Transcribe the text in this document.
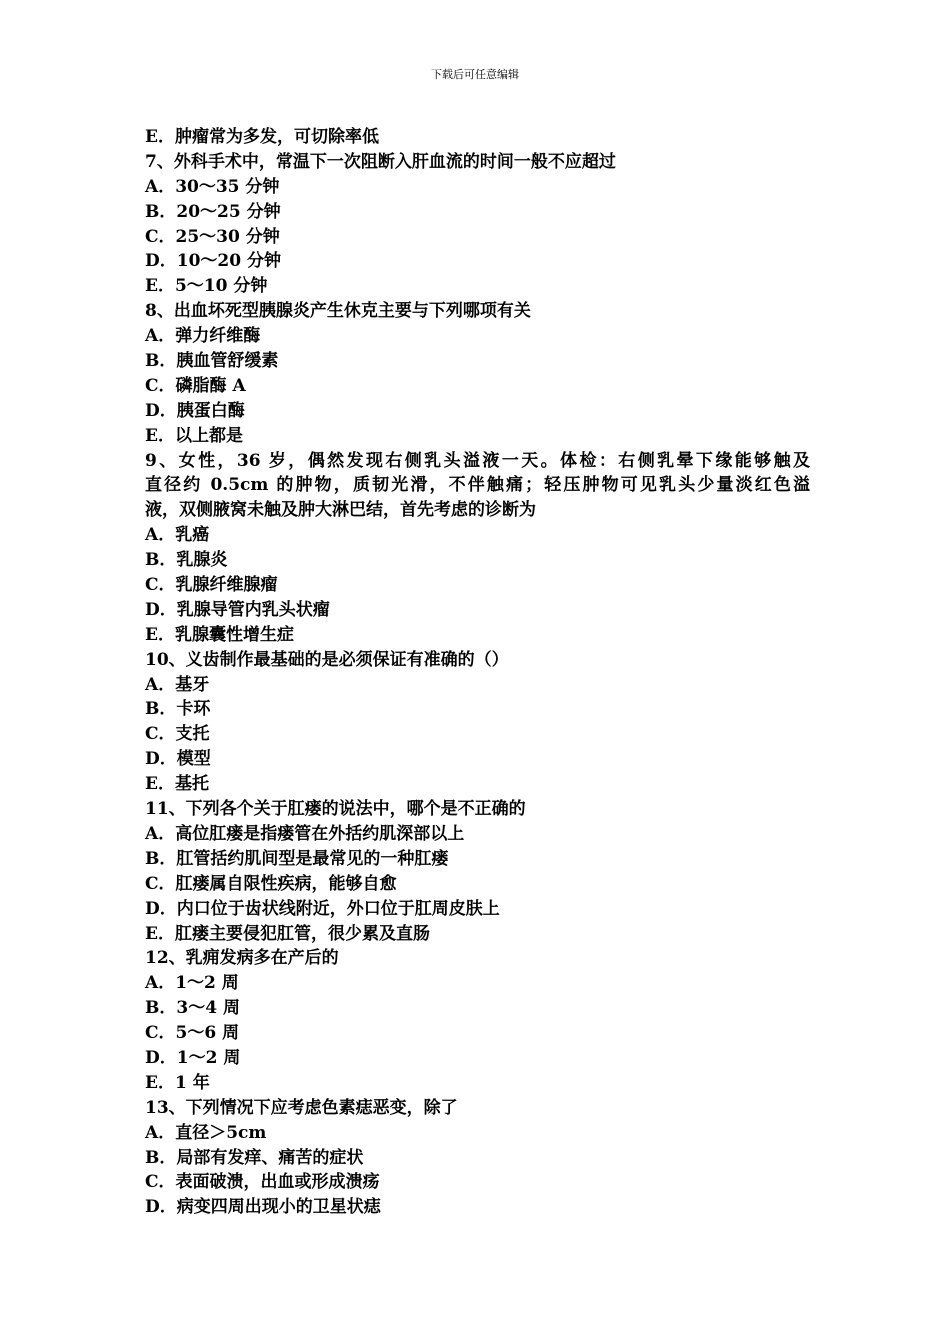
下载后可任意编辑
E．肿瘤常为多发，可切除率低
7、外科手术中，常温下一次阻断入肝血流的时间一般不应超过
A．30～35 分钟
B．20～25 分钟
C．25～30 分钟
D．10～20 分钟
E．5～10 分钟
8、出血坏死型胰腺炎产生休克主要与下列哪项有关
A．弹力纤维酶
B．胰血管舒缓素
C．磷脂酶 A
D．胰蛋白酶
E．以上都是
9、女性，36 岁，偶然发现右侧乳头溢液一天。体检：右侧乳晕下缘能够触及
直径约 0.5cm 的肿物，质韧光滑，不伴触痛；轻压肿物可见乳头少量淡红色溢
液，双侧腋窝未触及肿大淋巴结，首先考虑的诊断为
A．乳癌
B．乳腺炎
C．乳腺纤维腺瘤
D．乳腺导管内乳头状瘤
E．乳腺囊性增生症
10、义齿制作最基础的是必须保证有准确的（）
A．基牙
B．卡环
C．支托
D．模型
E．基托
11、下列各个关于肛瘘的说法中，哪个是不正确的
A．高位肛瘘是指瘘管在外括约肌深部以上
B．肛管括约肌间型是最常见的一种肛瘘
C．肛瘘属自限性疾病，能够自愈
D．内口位于齿状线附近，外口位于肛周皮肤上
E．肛瘘主要侵犯肛管，很少累及直肠
12、乳痈发病多在产后的
A．1～2 周
B．3～4 周
C．5～6 周
D．1～2 周
E．1 年
13、下列情况下应考虑色素痣恶变，除了
A．直径＞5cm
B．局部有发痒、痛苦的症状
C．表面破溃，出血或形成溃疡
D．病变四周出现小的卫星状痣
